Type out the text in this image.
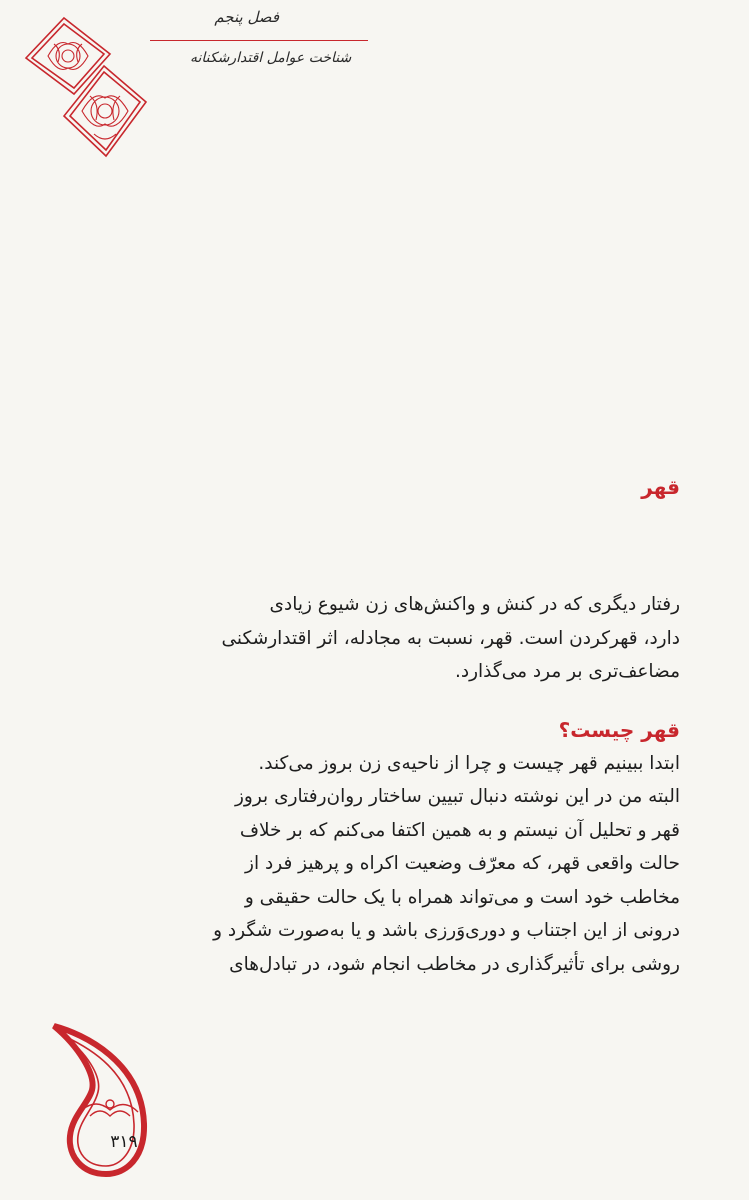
فصل پنجم
شناخت عوامل اقتدارشکنانه
قهر

رفتار دیگری که در کنش و واکنش‌های زن شیوع زیادی
دارد، قهرکردن است. قهر، نسبت به مجادله، اثر اقتدارشکنی
مضاعف‌تری بر مرد می‌گذارد.

قهر چیست؟

ابتدا ببینیم قهر چیست و چرا از ناحیه‌ی زن بروز می‌کند.
البته من در این نوشته دنبال تبیین ساختار روان‌رفتاری بروز
قهر و تحلیل آن نیستم و به همین اکتفا می‌کنم که بر خلاف
حالت واقعی قهر، که معرّف وضعیت اکراه و پرهیز فرد از
مخاطب خود است و می‌تواند همراه با یک حالت حقیقی و
درونی از این اجتناب و دوری‌وَرزی باشد و یا به‌صورت شگرد و
روشی برای تأثیرگذاری در مخاطب انجام شود، در تبادل‌های

۳۱۹
